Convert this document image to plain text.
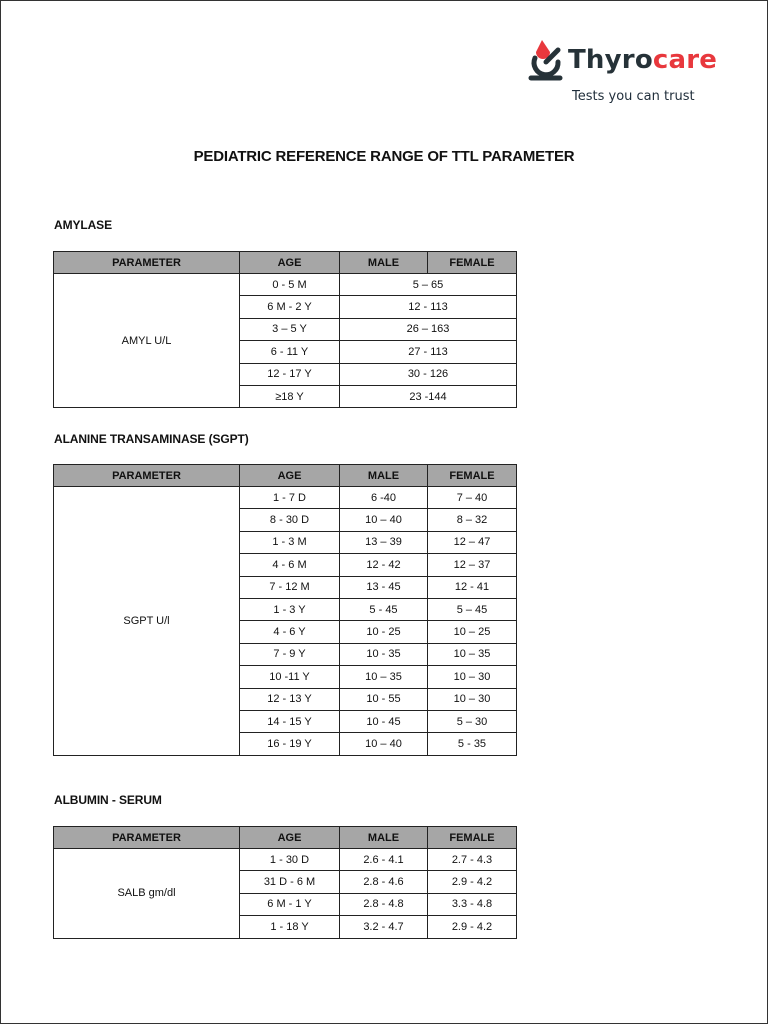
Thyrocare
Tests you can trust
PEDIATRIC REFERENCE RANGE OF TTL PARAMETER
AMYLASE
PARAMETER	AGE	MALE	FEMALE
AMYL U/L	0 - 5 M	5 – 65	
	6 M - 2 Y	12 - 113	
	3 – 5 Y	26 – 163	
	6 - 11 Y	27 - 113	
	12 - 17 Y	30 - 126	
	≥18 Y	23 -144	
ALANINE TRANSAMINASE (SGPT)
PARAMETER	AGE	MALE	FEMALE
SGPT U/l	1 - 7 D	6 -40	7 – 40
	8 - 30 D	10 – 40	8 – 32
	1 - 3 M	13 – 39	12 – 47
	4 - 6 M	12 - 42	12 – 37
	7 - 12 M	13 - 45	12 - 41
	1 - 3 Y	5 - 45	5 – 45
	4 - 6 Y	10 - 25	10 – 25
	7 - 9 Y	10 - 35	10 – 35
	10 -11 Y	10 – 35	10 – 30
	12 - 13 Y	10 - 55	10 – 30
	14 - 15 Y	10 - 45	5 – 30
	16 - 19 Y	10 – 40	5 - 35
ALBUMIN - SERUM
PARAMETER	AGE	MALE	FEMALE
SALB gm/dl	1 - 30 D	2.6 - 4.1	2.7 - 4.3
	31 D - 6 M	2.8 - 4.6	2.9 - 4.2
	6 M - 1 Y	2.8 - 4.8	3.3 - 4.8
	1 - 18 Y	3.2 - 4.7	2.9 - 4.2
